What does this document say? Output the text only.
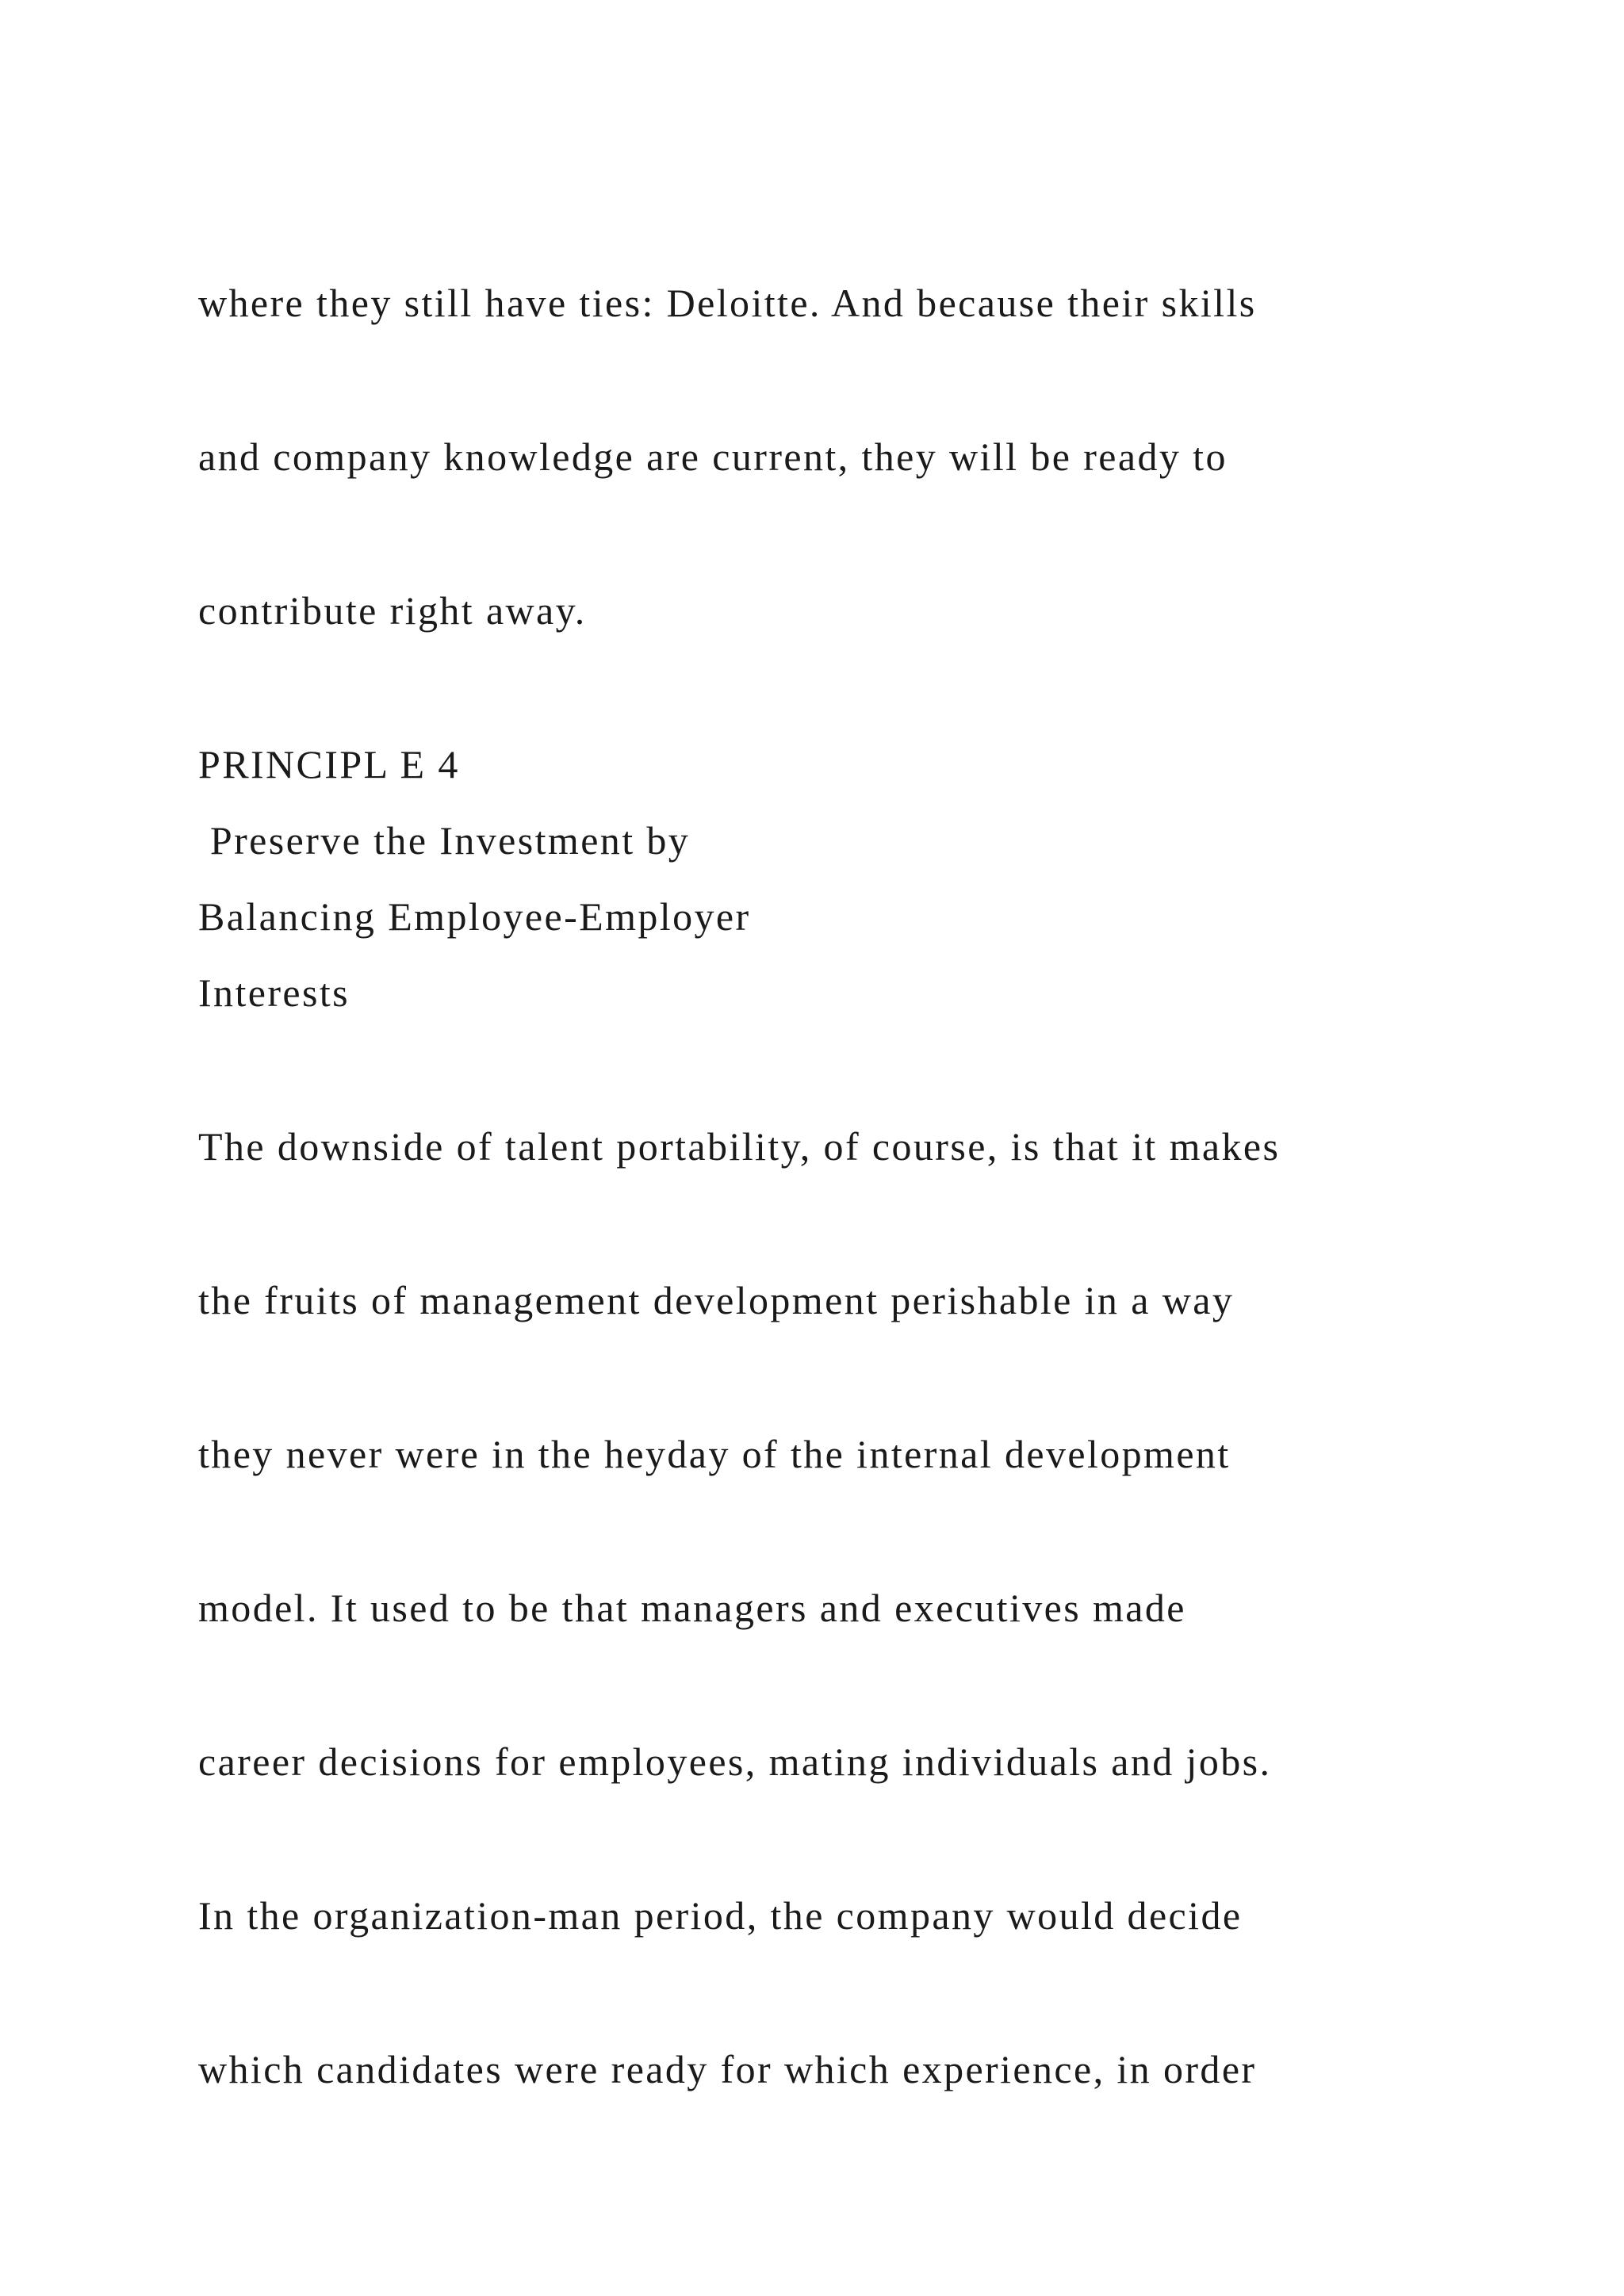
where they still have ties: Deloitte. And because their skills

and company knowledge are current, they will be ready to

contribute right away.

PRINCIPL E 4

Preserve the Investment by

Balancing Employee-Employer

Interests

The downside of talent portability, of course, is that it makes

the fruits of management development perishable in a way

they never were in the heyday of the internal development

model. It used to be that managers and executives made

career decisions for employees, mating individuals and jobs.

In the organization-man period, the company would decide

which candidates were ready for which experience, in order
